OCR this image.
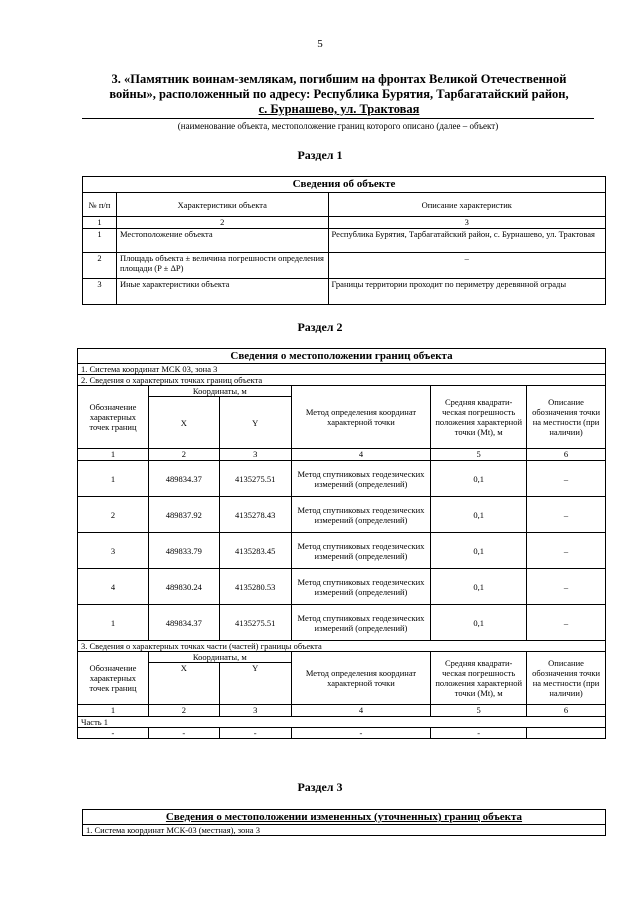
5
3. «Памятник воинам-землякам, погибшим на фронтах Великой Отечественной
войны», расположенный по адресу: Республика Бурятия, Тарбагатайский район,
с. Бурнашево, ул. Трактовая
(наименование объекта, местоположение границ которого описано (далее – объект)
Раздел 1
Сведения об объекте		
№ п/п	Характеристики объекта	Описание характеристик
1	2	3
1	Местоположение объекта	Республика Бурятия, Тарбагатайский район, с. Бурнашево, ул. Трактовая
2	Площадь объекта ± величина погрешности определения площади (P ± ΔP)	–
3	Иные характеристики объекта	Границы территории проходит по периметру деревянной ограды
Раздел 2
Сведения о местоположении границ объекта					
1. Система координат МСК 03, зона 3					
2. Сведения о характерных точках границ объекта					
Обозначение характерных точек границ	Координаты, м		Метод определения координат характерной точки	Средняя квадрати-ческая погрешность положения характерной точки (Mt), м	Описание обозначения точки на местности (при наличии)
	X	Y			
1	2	3	4	5	6
1	489834.37	4135275.51	Метод спутниковых геодезических измерений (определений)	0,1	–
2	489837.92	4135278.43	Метод спутниковых геодезических измерений (определений)	0,1	–
3	489833.79	4135283.45	Метод спутниковых геодезических измерений (определений)	0,1	–
4	489830.24	4135280.53	Метод спутниковых геодезических измерений (определений)	0,1	–
1	489834.37	4135275.51	Метод спутниковых геодезических измерений (определений)	0,1	–
3. Сведения о характерных точках части (частей) границы объекта					
Обозначение характерных точек границ	Координаты, м		Метод определения координат характерной точки	Средняя квадрати-ческая погрешность положения характерной точки (Mt), м	Описание обозначения точки на местности (при наличии)
	X	Y			
1	2	3	4	5	6
Часть 1					
-	-	-	-	-	
Раздел 3
Сведения о местоположении измененных (уточненных) границ объекта
1. Система координат МСК-03 (местная), зона 3
